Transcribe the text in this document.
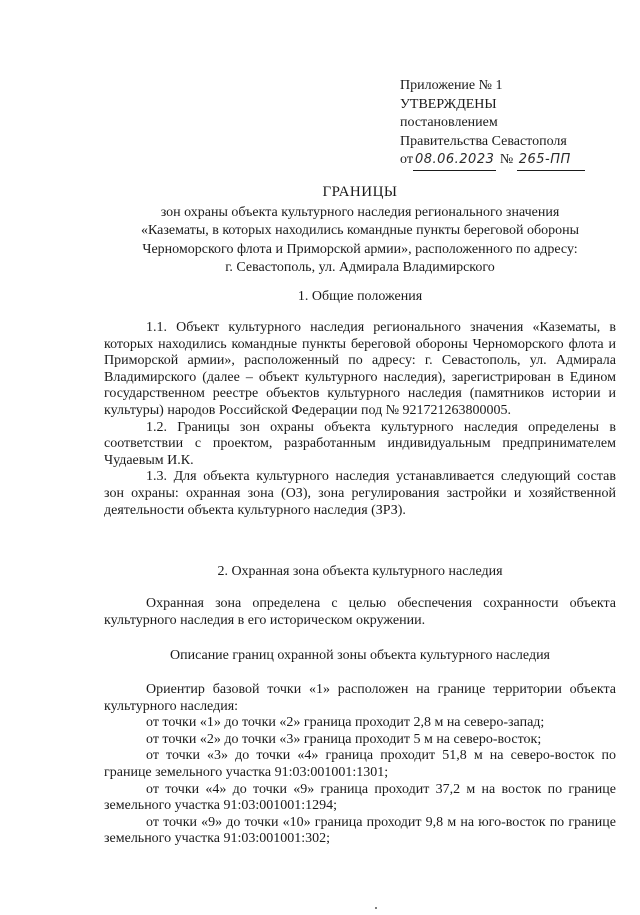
Приложение № 1
УТВЕРЖДЕНЫ
постановлением
Правительства Севастополя
от 08.06.2023 № 265-ПП
ГРАНИЦЫ
зон охраны объекта культурного наследия регионального значения
«Казематы, в которых находились командные пункты береговой обороны
Черноморского флота и Приморской армии», расположенного по адресу:
г. Севастополь, ул. Адмирала Владимирского
1. Общие положения

1.1. Объект культурного наследия регионального значения «Казематы, в которых находились командные пункты береговой обороны Черноморского флота и Приморской армии», расположенный по адресу: г. Севастополь, ул. Адмирала Владимирского (далее – объект культурного наследия), зарегистрирован в Едином государственном реестре объектов культурного наследия (памятников истории и культуры) народов Российской Федерации под № 921721263800005.

1.2. Границы зон охраны объекта культурного наследия определены в соответствии с проектом, разработанным индивидуальным предпринимателем Чудаевым И.К.

1.3. Для объекта культурного наследия устанавливается следующий состав зон охраны: охранная зона (ОЗ), зона регулирования застройки и хозяйственной деятельности объекта культурного наследия (ЗРЗ).

2. Охранная зона объекта культурного наследия

Охранная зона определена с целью обеспечения сохранности объекта культурного наследия в его историческом окружении.

Описание границ охранной зоны объекта культурного наследия

Ориентир базовой точки «1» расположен на границе территории объекта культурного наследия:

от точки «1» до точки «2» граница проходит 2,8 м на северо-запад;

от точки «2» до точки «3» граница проходит 5 м на северо-восток;

от точки «3» до точки «4» граница проходит 51,8 м на северо-восток по границе земельного участка 91:03:001001:1301;

от точки «4» до точки «9» граница проходит 37,2 м на восток по границе земельного участка 91:03:001001:1294;

от точки «9» до точки «10» граница проходит 9,8 м на юго-восток по границе земельного участка 91:03:001001:302;
